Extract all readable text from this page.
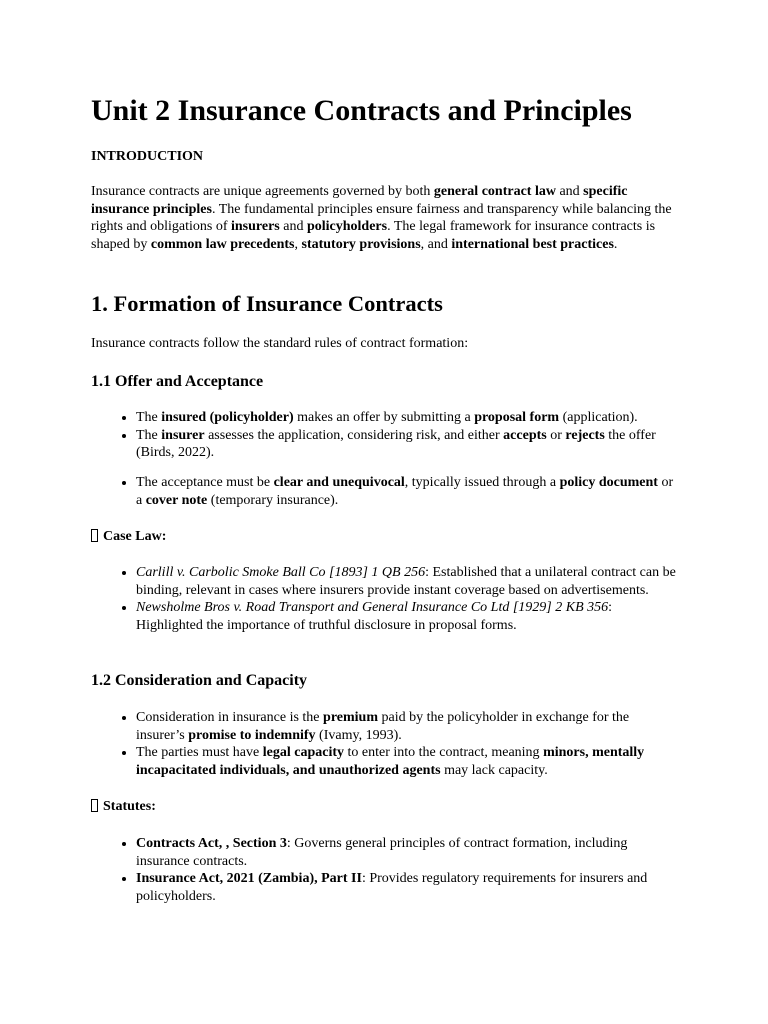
Unit 2 Insurance Contracts and Principles

INTRODUCTION

Insurance contracts are unique agreements governed by both general contract law and specific insurance principles. The fundamental principles ensure fairness and transparency while balancing the rights and obligations of insurers and policyholders. The legal framework for insurance contracts is shaped by common law precedents, statutory provisions, and international best practices.

1. Formation of Insurance Contracts

Insurance contracts follow the standard rules of contract formation:

1.1 Offer and Acceptance
• The insured (policyholder) makes an offer by submitting a proposal form (application).
• The insurer assesses the application, considering risk, and either accepts or rejects the offer (Birds, 2022).
• The acceptance must be clear and unequivocal, typically issued through a policy document or a cover note (temporary insurance).

Case Law:

• Carlill v. Carbolic Smoke Ball Co [1893] 1 QB 256: Established that a unilateral contract can be binding, relevant in cases where insurers provide instant coverage based on advertisements.
• Newsholme Bros v. Road Transport and General Insurance Co Ltd [1929] 2 KB 356: Highlighted the importance of truthful disclosure in proposal forms.
1.2 Consideration and Capacity
• Consideration in insurance is the premium paid by the policyholder in exchange for the insurer’s promise to indemnify (Ivamy, 1993).
• The parties must have legal capacity to enter into the contract, meaning minors, mentally incapacitated individuals, and unauthorized agents may lack capacity.

Statutes:

• Contracts Act, , Section 3: Governs general principles of contract formation, including insurance contracts.
• Insurance Act, 2021 (Zambia), Part II: Provides regulatory requirements for insurers and policyholders.
